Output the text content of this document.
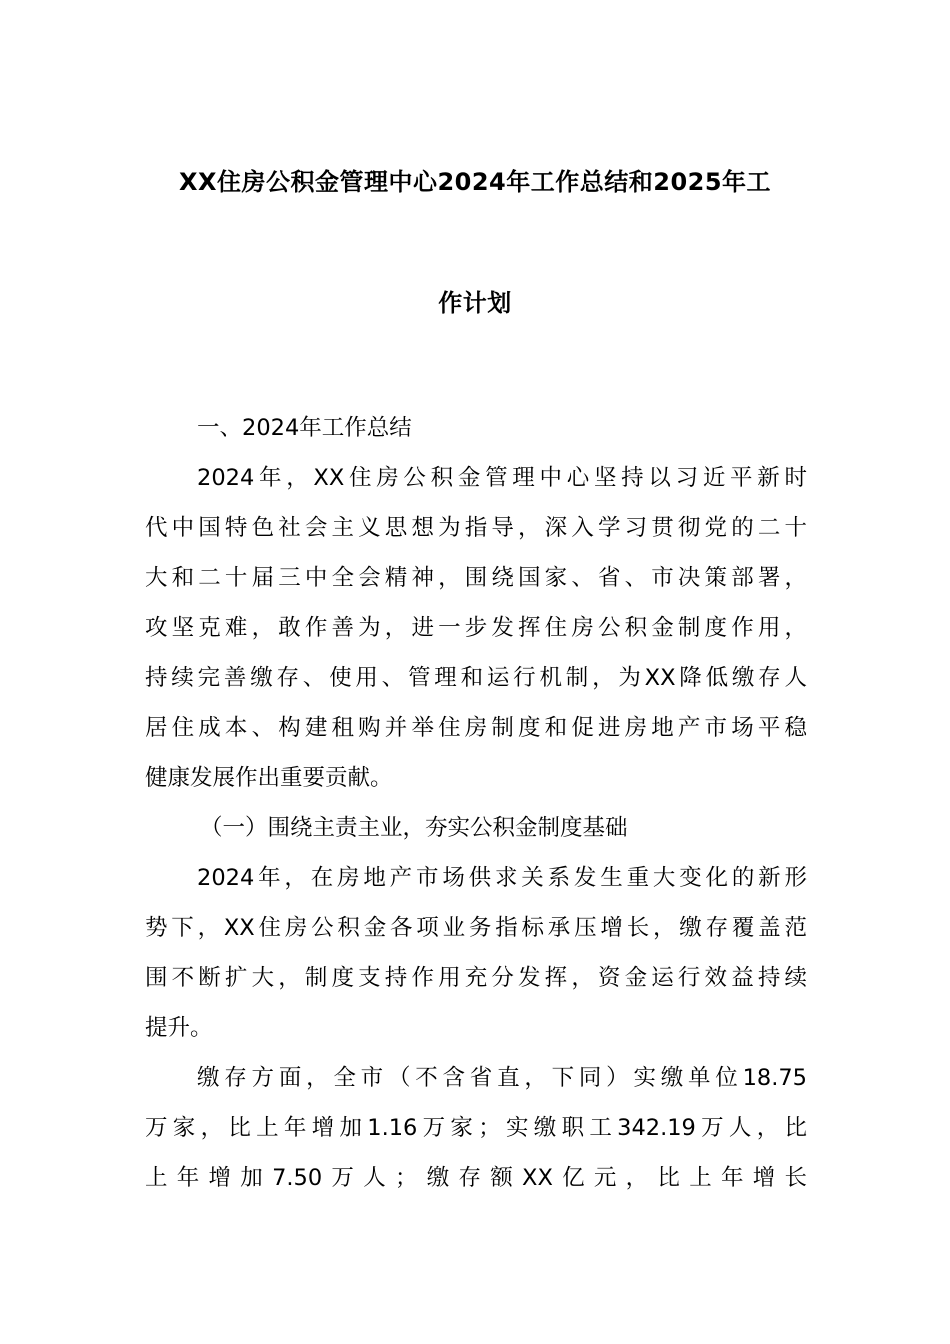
XX住房公积金管理中心2024年工作总结和2025年工
作计划
一、2024年工作总结
2024年，XX住房公积金管理中心坚持以习近平新时
代中国特色社会主义思想为指导，深入学习贯彻党的二十
大和二十届三中全会精神，围绕国家、省、市决策部署，
攻坚克难，敢作善为，进一步发挥住房公积金制度作用，
持续完善缴存、使用、管理和运行机制，为XX降低缴存人
居住成本、构建租购并举住房制度和促进房地产市场平稳
健康发展作出重要贡献。
（一）围绕主责主业，夯实公积金制度基础
2024年，在房地产市场供求关系发生重大变化的新形
势下，XX住房公积金各项业务指标承压增长，缴存覆盖范
围不断扩大，制度支持作用充分发挥，资金运行效益持续
提升。
缴存方面，全市（不含省直，下同）实缴单位18.75
万家，比上年增加1.16万家；实缴职工342.19万人，比
上年增加7.50万人；缴存额XX亿元，比上年增长
